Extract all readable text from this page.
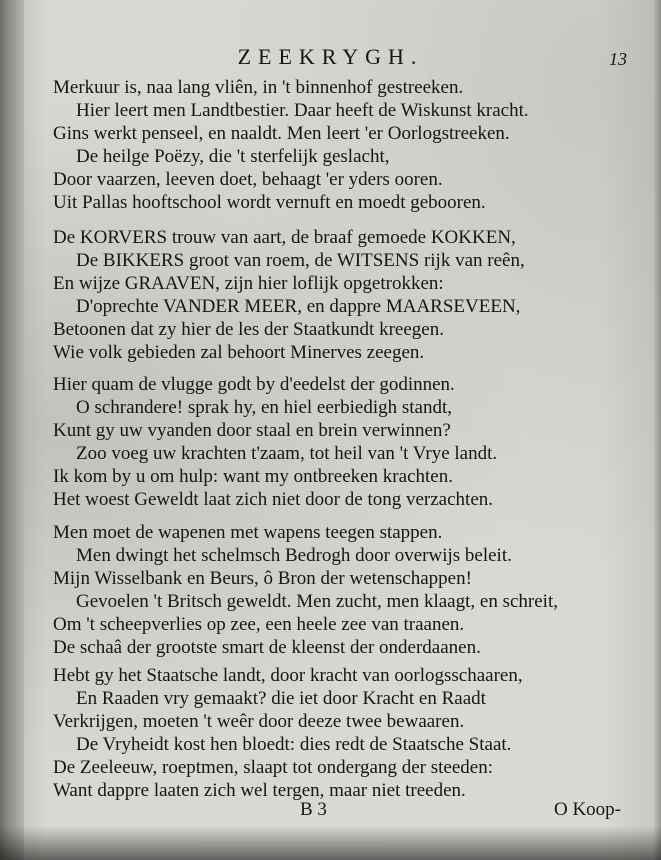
ZEEKRYGH.	13
Merkuur is, naa lang vliên, in 't binnenhof gestreeken.
Hier leert men Landtbestier. Daar heeft de Wiskunst kracht.
Gins werkt penseel, en naaldt. Men leert 'er Oorlogstreeken.
De heilge Poëzy, die 't sterfelijk geslacht,
Door vaarzen, leeven doet, behaagt 'er yders ooren.
Uit Pallas hooftschool wordt vernuft en moedt gebooren.
De KORVERS trouw van aart, de braaf gemoede KOKKEN,
De BIKKERS groot van roem, de WITSENS rijk van reên,
En wijze GRAAVEN, zijn hier loflijk opgetrokken:
D'oprechte VANDER MEER, en dappre MAARSEVEEN,
Betoonen dat zy hier de les der Staatkundt kreegen.
Wie volk gebieden zal behoort Minerves zeegen.
Hier quam de vlugge godt by d'eedelst der godinnen.
O schrandere! sprak hy, en hiel eerbiedigh standt,
Kunt gy uw vyanden door staal en brein verwinnen?
Zoo voeg uw krachten t'zaam, tot heil van 't Vrye landt.
Ik kom by u om hulp: want my ontbreeken krachten.
Het woest Geweldt laat zich niet door de tong verzachten.
Men moet de wapenen met wapens teegen stappen.
Men dwingt het schelmsch Bedrogh door overwijs beleit.
Mijn Wisselbank en Beurs, ô Bron der wetenschappen!
Gevoelen 't Britsch geweldt. Men zucht, men klaagt, en schreit,
Om 't scheepverlies op zee, een heele zee van traanen.
De schaâ der grootste smart de kleenst der onderdaanen.
Hebt gy het Staatsche landt, door kracht van oorlogsschaaren,
En Raaden vry gemaakt? die iet door Kracht en Raadt
Verkrijgen, moeten 't weêr door deeze twee bewaaren.
De Vryheidt kost hen bloedt: dies redt de Staatsche Staat.
De Zeeleeuw, roeptmen, slaapt tot ondergang der steeden:
Want dappre laaten zich wel tergen, maar niet treeden.
B 3	O Koop-
